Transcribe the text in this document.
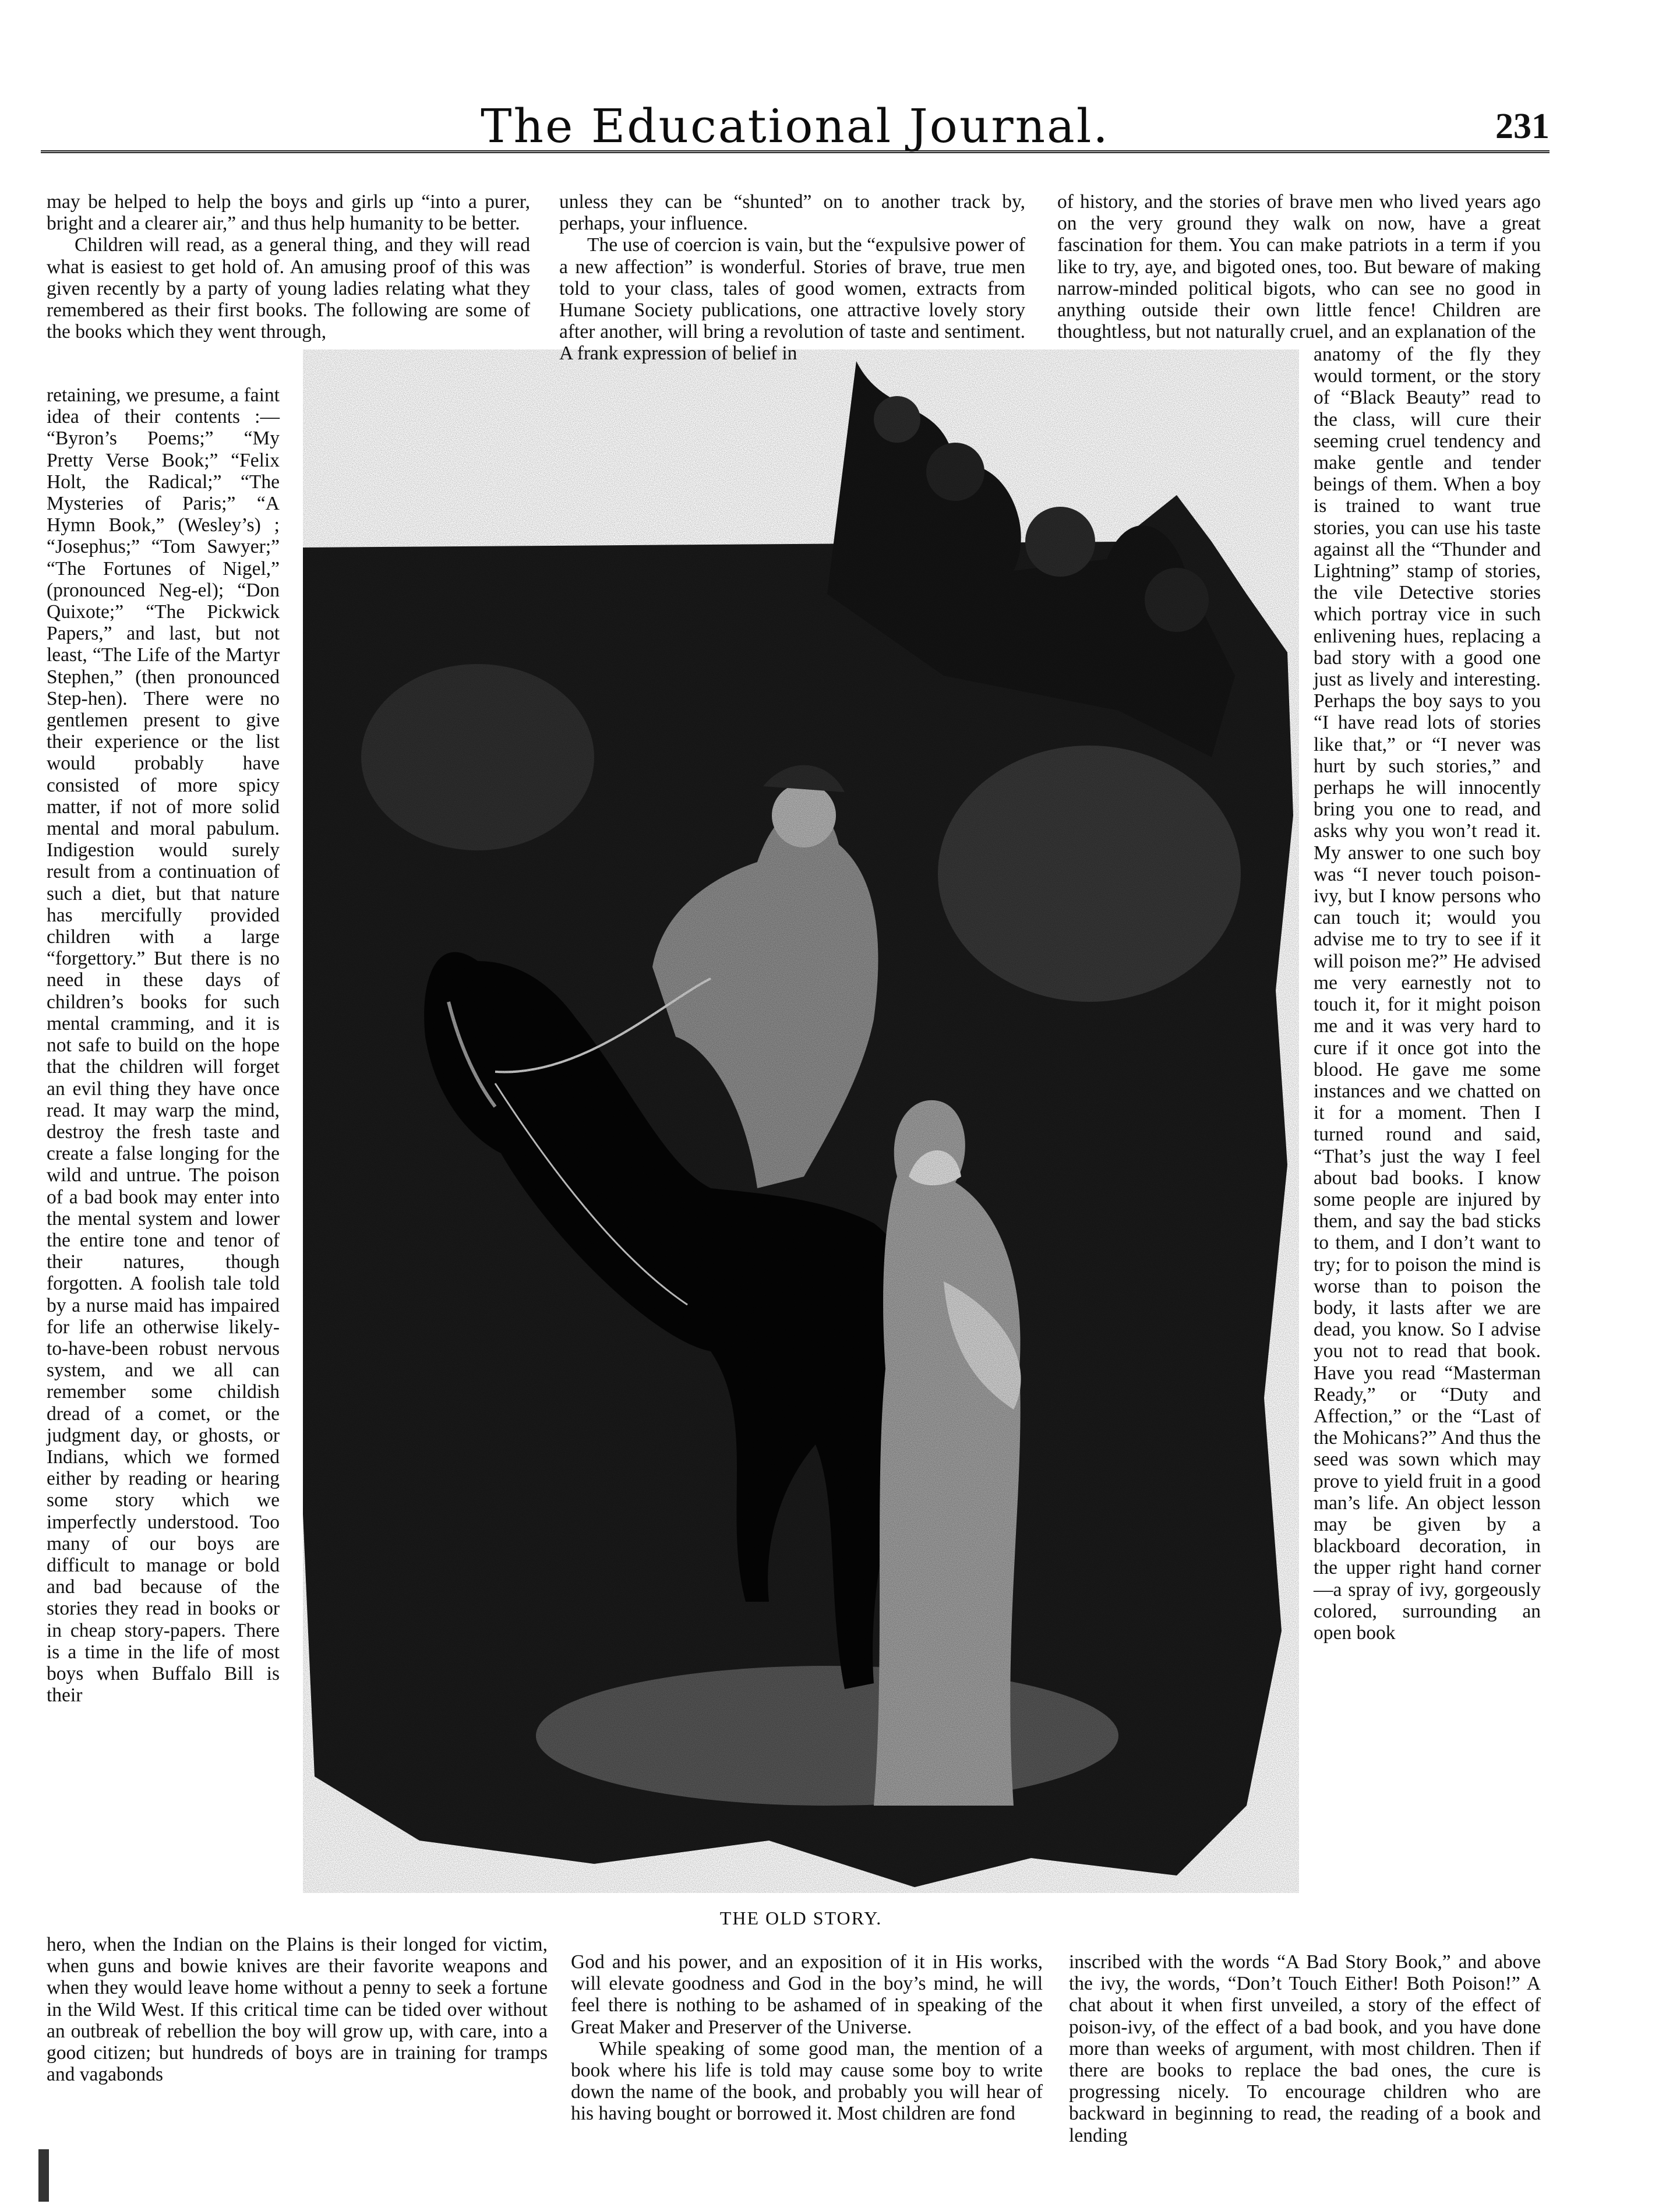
The Educational Journal.	231

may be helped to help the boys and girls up “into a purer, bright and a clearer air,” and thus help humanity to be better.

Children will read, as a general thing, and they will read what is easiest to get hold of. An amusing proof of this was given recently by a party of young ladies relating what they remembered as their first books. The following are some of the books which they went through,

retaining, we presume, a faint idea of their contents :— “Byron’s Poems;” “My Pretty Verse Book;” “Felix Holt, the Radical;” “The Mysteries of Paris;” “A Hymn Book,” (Wesley’s) ; “Josephus;” “Tom Sawyer;” “The Fortunes of Nigel,” (pronounced Neg-el); “Don Quixote;” “The Pickwick Papers,” and last, but not least, “The Life of the Martyr Stephen,” (then pronounced Step-hen). There were no gentlemen present to give their experience or the list would probably have consisted of more spicy matter, if not of more solid mental and moral pabulum. Indigestion would surely result from a continuation of such a diet, but that nature has mercifully provided children with a large “forgettory.” But there is no need in these days of children’s books for such mental cramming, and it is not safe to build on the hope that the children will forget an evil thing they have once read. It may warp the mind, destroy the fresh taste and create a false longing for the wild and untrue. The poison of a bad book may enter into the mental system and lower the entire tone and tenor of their natures, though forgotten. A foolish tale told by a nurse maid has impaired for life an otherwise likely-to-have-been robust nervous system, and we all can remember some childish dread of a comet, or the judgment day, or ghosts, or Indians, which we formed either by reading or hearing some story which we imperfectly understood. Too many of our boys are difficult to manage or bold and bad because of the stories they read in books or in cheap story-papers. There is a time in the life of most boys when Buffalo Bill is their

hero, when the Indian on the Plains is their longed for victim, when guns and bowie knives are their favorite weapons and when they would leave home without a penny to seek a fortune in the Wild West. If this critical time can be tided over without an outbreak of rebellion the boy will grow up, with care, into a good citizen; but hundreds of boys are in training for tramps and vagabonds

unless they can be “shunted” on to another track by, perhaps, your influence.

The use of coercion is vain, but the “expulsive power of a new affection” is wonderful. Stories of brave, true men told to your class, tales of good women, extracts from Humane Society publications, one attractive lovely story after another, will bring a revolution of taste and sentiment. A frank expression of belief in

God and his power, and an exposition of it in His works, will elevate goodness and God in the boy’s mind, he will feel there is nothing to be ashamed of in speaking of the Great Maker and Preserver of the Universe.

While speaking of some good man, the mention of a book where his life is told may cause some boy to write down the name of the book, and probably you will hear of his having bought or borrowed it. Most children are fond

of history, and the stories of brave men who lived years ago on the very ground they walk on now, have a great fascination for them. You can make patriots in a term if you like to try, aye, and bigoted ones, too. But beware of making narrow-minded political bigots, who can see no good in anything outside their own little fence! Children are thoughtless, but not naturally cruel, and an explanation of the

anatomy of the fly they would torment, or the story of “Black Beauty” read to the class, will cure their seeming cruel tendency and make gentle and tender beings of them. When a boy is trained to want true stories, you can use his taste against all the “Thunder and Lightning” stamp of stories, the vile Detective stories which portray vice in such enlivening hues, replacing a bad story with a good one just as lively and interesting. Perhaps the boy says to you “I have read lots of stories like that,” or “I never was hurt by such stories,” and perhaps he will innocently bring you one to read, and asks why you won’t read it. My answer to one such boy was “I never touch poison-ivy, but I know persons who can touch it; would you advise me to try to see if it will poison me?” He advised me very earnestly not to touch it, for it might poison me and it was very hard to cure if it once got into the blood. He gave me some instances and we chatted on it for a moment. Then I turned round and said, “That’s just the way I feel about bad books. I know some people are injured by them, and say the bad sticks to them, and I don’t want to try; for to poison the mind is worse than to poison the body, it lasts after we are dead, you know. So I advise you not to read that book. Have you read “Masterman Ready,” or “Duty and Affection,” or the “Last of the Mohicans?” And thus the seed was sown which may prove to yield fruit in a good man’s life. An object lesson may be given by a blackboard decoration, in the upper right hand corner—a spray of ivy, gorgeously colored, surrounding an open book

inscribed with the words “A Bad Story Book,” and above the ivy, the words, “Don’t Touch Either! Both Poison!” A chat about it when first unveiled, a story of the effect of poison-ivy, of the effect of a bad book, and you have done more than weeks of argument, with most children. Then if there are books to replace the bad ones, the cure is progressing nicely. To encourage children who are backward in beginning to read, the reading of a book and lending

THE OLD STORY.
